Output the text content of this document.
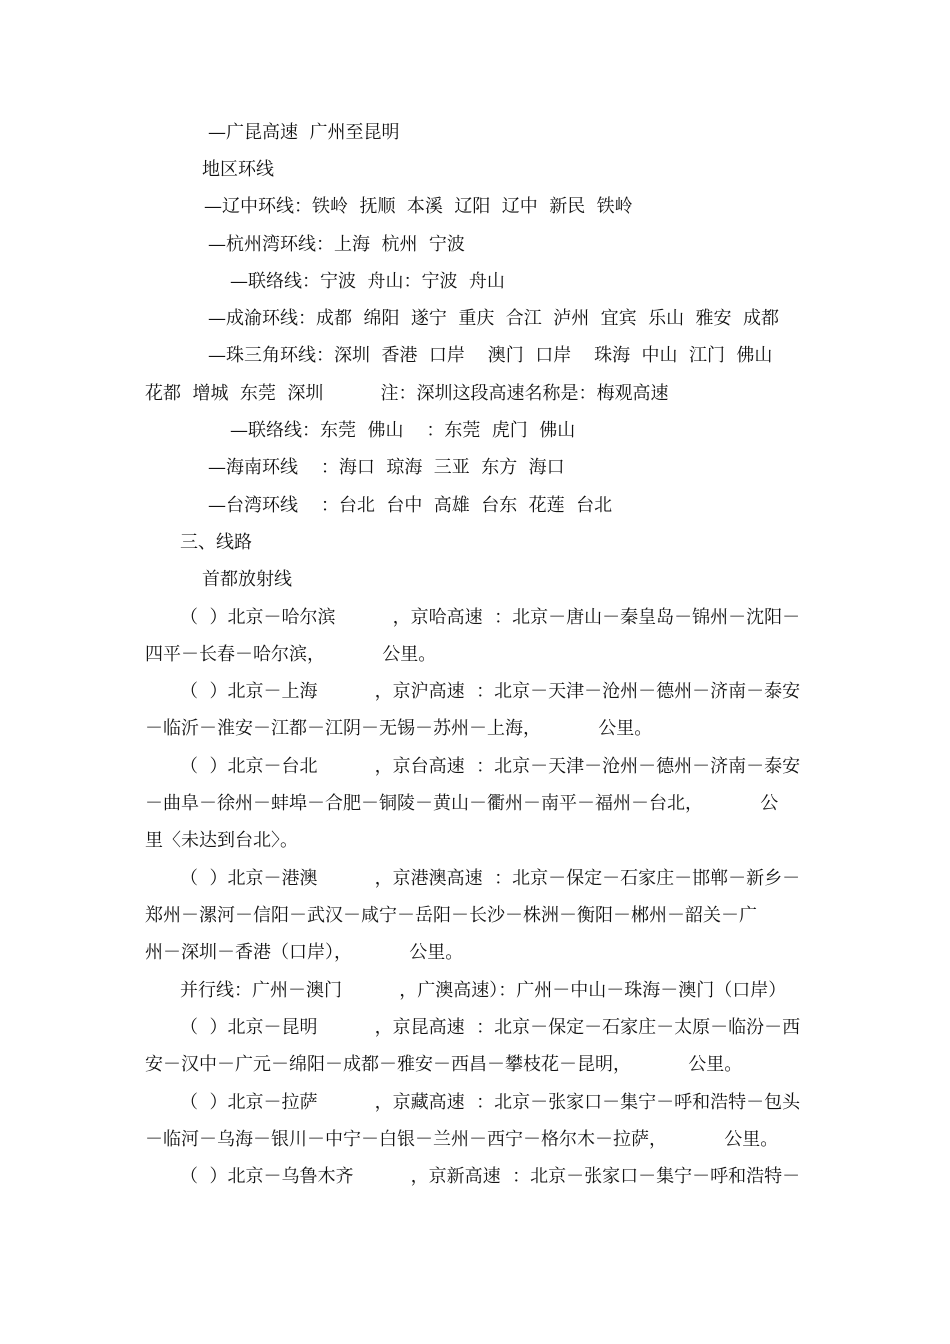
—广昆高速  广州至昆明
地区环线
—辽中环线：铁岭  抚顺  本溪  辽阳  辽中  新民  铁岭
—杭州湾环线：上海  杭州  宁波
—联络线：宁波  舟山：宁波  舟山
—成渝环线：成都  绵阳  遂宁  重庆  合江  泸州  宜宾  乐山  雅安  成都
—珠三角环线：深圳  香港  口岸    澳门  口岸    珠海  中山  江门  佛山
花都  增城  东莞  深圳          注：深圳这段高速名称是：梅观高速
—联络线：东莞  佛山    ：东莞  虎门  佛山
—海南环线    ：海口  琼海  三亚  东方  海口
—台湾环线    ：台北  台中  高雄  台东  花莲  台北
三、线路
首都放射线
（  ）北京－哈尔滨          ，京哈高速  ：北京－唐山－秦皇岛－锦州－沈阳－
四平－长春－哈尔滨，          公里。
（  ）北京－上海          ，京沪高速  ：北京－天津－沧州－德州－济南－泰安
－临沂－淮安－江都－江阴－无锡－苏州－上海，          公里。
（  ）北京－台北          ，京台高速  ：北京－天津－沧州－德州－济南－泰安
－曲阜－徐州－蚌埠－合肥－铜陵－黄山－衢州－南平－福州－台北，          公
里〈未达到台北〉。
（  ）北京－港澳          ，京港澳高速  ：北京－保定－石家庄－邯郸－新乡－
郑州－漯河－信阳－武汉－咸宁－岳阳－长沙－株洲－衡阳－郴州－韶关－广
州－深圳－香港（口岸），          公里。
并行线：广州－澳门          ，广澳高速）：广州－中山－珠海－澳门（口岸）
（  ）北京－昆明          ，京昆高速  ：北京－保定－石家庄－太原－临汾－西
安－汉中－广元－绵阳－成都－雅安－西昌－攀枝花－昆明，          公里。
（  ）北京－拉萨          ，京藏高速  ：北京－张家口－集宁－呼和浩特－包头
－临河－乌海－银川－中宁－白银－兰州－西宁－格尔木－拉萨，          公里。
（  ）北京－乌鲁木齐          ，京新高速  ：北京－张家口－集宁－呼和浩特－
